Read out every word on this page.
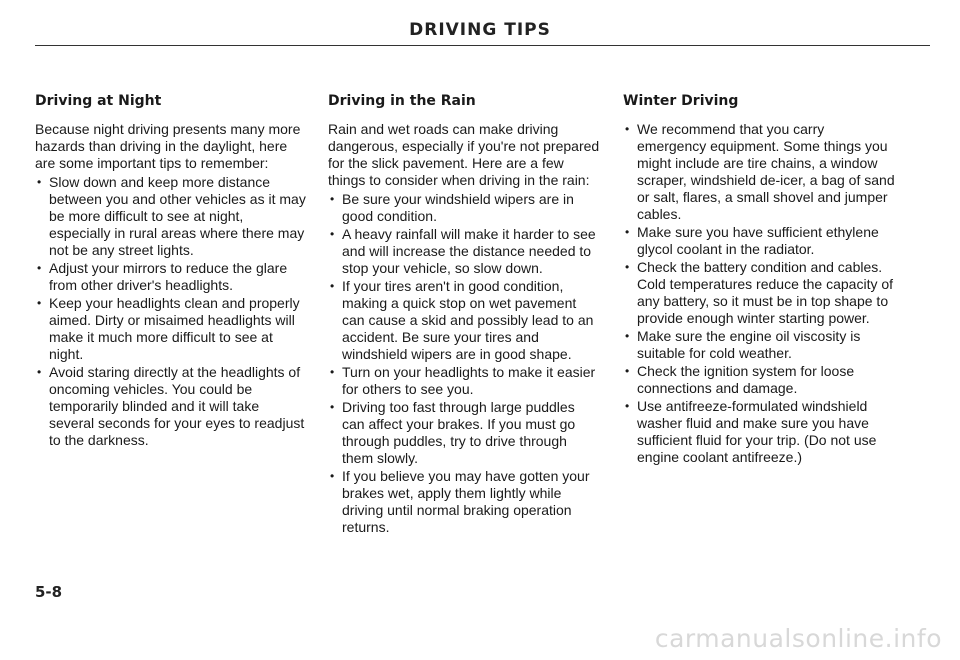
DRIVING TIPS
Driving at Night

Because night driving presents many more hazards than driving in the daylight, here are some important tips to remember:

• Slow down and keep more distance between you and other vehicles as it may be more difficult to see at night, especially in rural areas where there may not be any street lights.
• Adjust your mirrors to reduce the glare from other driver's headlights.
• Keep your headlights clean and properly aimed. Dirty or misaimed headlights will make it much more difficult to see at night.
• Avoid staring directly at the headlights of oncoming vehicles. You could be temporarily blinded and it will take several seconds for your eyes to readjust to the darkness.
Driving in the Rain

Rain and wet roads can make driving dangerous, especially if you're not prepared for the slick pavement. Here are a few things to consider when driving in the rain:

• Be sure your windshield wipers are in good condition.
• A heavy rainfall will make it harder to see and will increase the distance needed to stop your vehicle, so slow down.
• If your tires aren't in good condition, making a quick stop on wet pavement can cause a skid and possibly lead to an accident. Be sure your tires and windshield wipers are in good shape.
• Turn on your headlights to make it easier for others to see you.
• Driving too fast through large puddles can affect your brakes. If you must go through puddles, try to drive through them slowly.
• If you believe you may have gotten your brakes wet, apply them lightly while driving until normal braking operation returns.
Winter Driving
• We recommend that you carry emergency equipment. Some things you might include are tire chains, a window scraper, windshield de-icer, a bag of sand or salt, flares, a small shovel and jumper cables.
• Make sure you have sufficient ethylene glycol coolant in the radiator.
• Check the battery condition and cables. Cold temperatures reduce the capacity of any battery, so it must be in top shape to provide enough winter starting power.
• Make sure the engine oil viscosity is suitable for cold weather.
• Check the ignition system for loose connections and damage.
• Use antifreeze-formulated windshield washer fluid and make sure you have sufficient fluid for your trip. (Do not use engine coolant antifreeze.)
5-8
carmanualsonline.info
